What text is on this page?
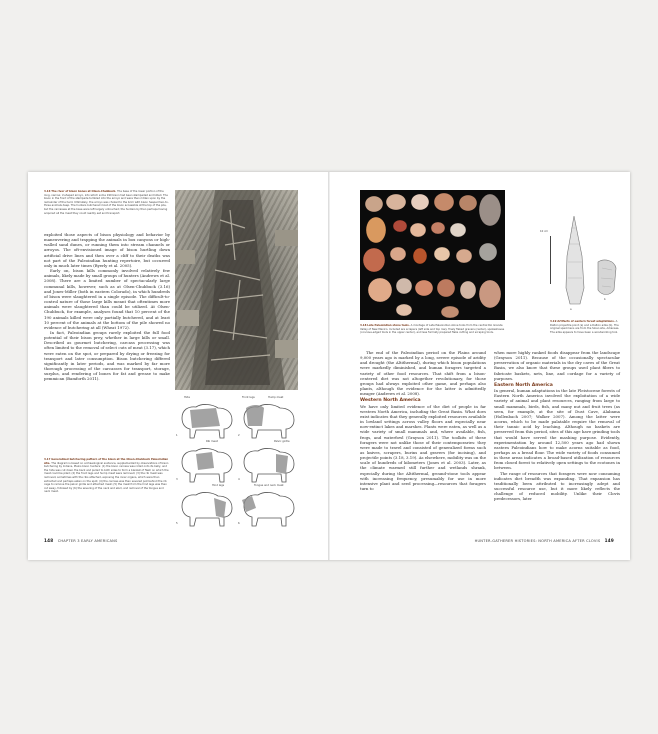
3.16 The river of bison bones at Olsen-Chubbuck. The base of the lower portion of the long, narrow, V-shaped arroyo, into which some 190 bison had been stampeded and killed. The bison in the front of the stampede tumbled into the arroyo and were then ridden upon by the remainder of the herd. Ultimately, the arroyo was choked to the brim with bison heaped two-to-three animals deep. The hunters butchered most of the bison accessible at the top of the pile, but the carcasses at the base were left largely untouched; the hunters by then perhaps having acquired all the meat they could readily eat and transport.

exploited those aspects of bison physiology and behavior by maneuvering and trapping the animals in box canyons or high-walled sand dunes, or running them into stream channels or arroyos. The oft-envisioned image of bison hurtling down artificial drive lines and then over a cliff to their deaths was not part of the Paleoindian hunting repertoire, but occurred only in much later times (Byerly et al. 2005).

Early on, bison kills commonly involved relatively few animals, likely made by small groups of hunters (Andrews et al. 2008). There are a limited number of spectacularly large communal kills, however, such as at Olsen-Chubbuck (3.16) and Jones-Miller (both in eastern Colorado), in which hundreds of bison were slaughtered in a single episode. The difficult-to-control nature of those large kills meant that oftentimes more animals were slaughtered than could be utilized. At Olsen-Chubbuck, for example, analyses found that 10 percent of the 190 animals killed were only partially butchered, and at least 10 percent of the animals at the bottom of the pile showed no evidence of butchering at all (Wheat 1972).

In fact, Paleoindian groups rarely exploited the full food potential of their bison prey, whether in large kills or small. Described as gourmet butchering, carcass processing was often limited to the removal of select cuts of meat (3.17), which were eaten on the spot, or prepared by drying or freezing for transport and later consumption. Bison butchering differed significantly in later periods, and was marked by far more thorough processing of the carcasses for transport, storage, surplus, and rendering of bones for fat and grease to make pemmican (Bamforth 2011).

3.17 Generalized butchering pattern of the bison at the Olsen-Chubbuck Paleoindian site. The diagram is based on archaeological evidence, supplemented by observations of bison butchering by Indians, Plains bison hunters: (1) the bison carcass was rolled onto its belly, and the hide was cut down the back and pulled to both sides to form a blanket of flesh on which the meat could be piled; (2) the front legs and hump meat were removed; (3) the rib meat was removed, sometimes with the ribs attached, exposing the inner organs, which were then extracted and perhaps eaten on the spot; (4) the carcass was then severed just behind the rib cage to remove the pelvic girdle and attached meat; (5) the meat from the hind legs was then cut away, followed by (6) the severing of the neck and skull, and removal of the tongue and neck meat.
Hide	Front legs	Hump meat
Rib meat	Pelvic girdle
Hind legs	Tongue and neck meat
1	2
3	4
5	6
148 CHAPTER 3 EARLY AMERICANS
10 cm
a
b
3.18 Late Paleoindian stone tools. A montage of Late Paleoindian stone tools from the central Rio Grande Valley of New Mexico. Included are scrapers (left side and top row), finely flaked gravers (center), spokeshaves (concave-edged tools in the upper center), and less formally prepared flake cutting and scraping tools.
3.19 Artifacts of eastern forest adaptations. A Dalton projectile point (a) and a Dalton adze (b). The original specimens are from the Sloan site, Arkansas. The adze appears to have been a woodworking tool.

The end of the Paleoindian period on the Plains around 9,000 years ago is marked by a long, severe episode of aridity and drought (the Altithermal), during which bison populations were markedly diminished, and human foragers targeted a variety of other food resources. That shift from a bison-centered diet was not altogether revolutionary, for those groups had always exploited other game, and perhaps also plants, although the evidence for the latter is admittedly meager (Andrews et al. 2008).

Western North America

We have only limited evidence of the diet of people in far western North America, including the Great Basin. What does exist indicates that they generally exploited resources available in lowland settings across valley floors and especially near now-extinct lakes and marshes. Plants were eaten, as well as a wide variety of small mammals and, where available, fish, frogs, and waterfowl (Grayson 2011). The toolkits of these foragers were not unlike those of their contemporaries: they were made to travel and consisted of generalized forms such as knives, scrapers, burins and gravers (for incising), and projectile points (3.18, 3.19). As elsewhere, mobility was on the scale of hundreds of kilometers (Jones et al. 2003). Later, as the climate warmed still further and wetlands shrank, especially during the Altithermal, ground-stone tools appear with increasing frequency, presumably for use in more intensive plant and seed processing—resources that foragers turn to

when more highly ranked foods disappear from the landscape (Grayson 2011). Because of the occasionally spectacular preservation of organic materials in the dry caves of the Great Basin, we also know that these groups used plant fibers to fabricate baskets, nets, line, and cordage for a variety of purposes.

Eastern North America

In general, human adaptations in the late Pleistocene forests of Eastern North America involved the exploitation of a wide variety of animal and plant resources, ranging from large to small mammals, birds, fish, and many nut and fruit trees (as seen, for example, at the site of Dust Cave, Alabama (Hollenbach 2007; Walker 2007). Among the latter were acorns, which to be made palatable require the removal of their tannic acid by leaching. Although no baskets are preserved from this period, sites of this age have grinding tools that would have served the mashing purpose. Evidently, experimentation by around 12,500 years ago had shown eastern Paleoindians how to make acorns suitable as food, perhaps as a bread flour. The wide variety of foods consumed in these areas indicates a broad-based utilization of resources from closed forest to relatively open settings to the ecotones in between.

The range of resources that foragers were now consuming indicates diet breadth was expanding. That expansion has traditionally been attributed to increasingly adept and successful resource use, but it more likely reflects the challenge of reduced mobility. Unlike their Clovis predecessors, later

HUNTER-GATHERER HISTORIES: NORTH AMERICA AFTER CLOVIS 149
